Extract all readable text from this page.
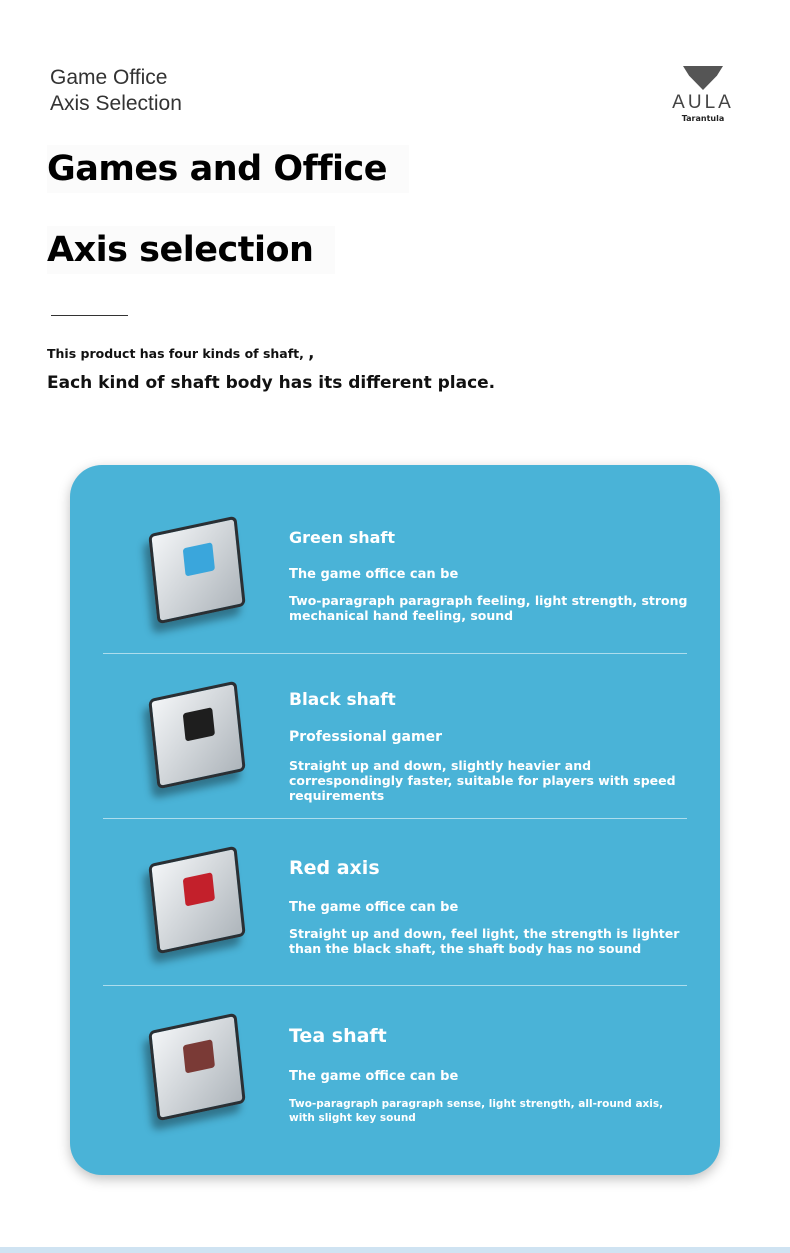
Game Office
Axis Selection	AULA
Tarantula
Games and Office
Axis selection
This product has four kinds of shaft, ,
Each kind of shaft body has its different place.
Green shaft
The game office can be
Two-paragraph paragraph feeling, light strength, strong mechanical hand feeling, sound
Black shaft
Professional gamer
Straight up and down, slightly heavier and correspondingly faster, suitable for players with speed requirements
Red axis
The game office can be
Straight up and down, feel light, the strength is lighter than the black shaft, the shaft body has no sound
Tea shaft
The game office can be
Two-paragraph paragraph sense, light strength, all-round axis, with slight key sound
